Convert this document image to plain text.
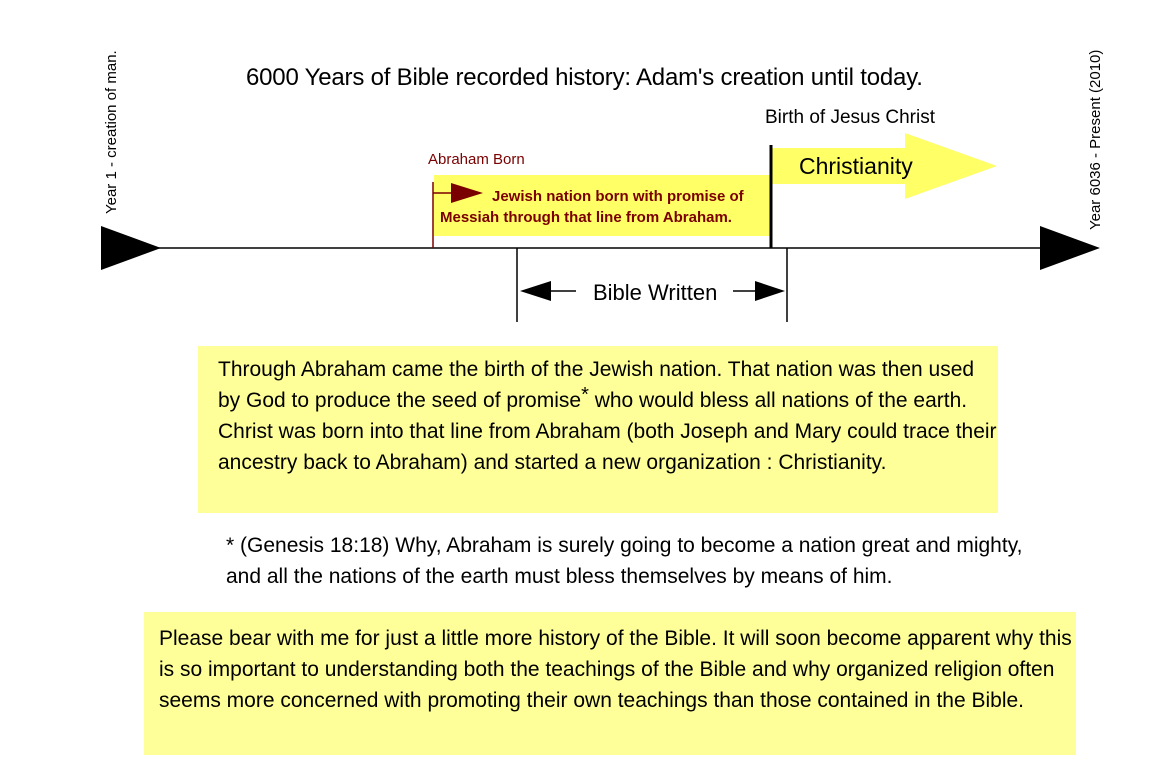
6000 Years of Bible recorded history: Adam's creation until today.
Year 1 - creation of man.	Year 6036 - Present (2010)
Birth of Jesus Christ
Abraham Born
Jewish nation born with promise of
Messiah through that line from Abraham.
Christianity
Bible Written

Through Abraham came the birth of the Jewish nation. That nation was then used by God to produce the seed of promise* who would bless all nations of the earth. Christ was born into that line from Abraham (both Joseph and Mary could trace their ancestry back to Abraham) and started a new organization : Christianity.

* (Genesis 18:18) Why, Abraham is surely going to become a nation great and mighty, and all the nations of the earth must bless themselves by means of him.

Please bear with me for just a little more history of the Bible. It will soon become apparent why this is so important to understanding both the teachings of the Bible and why organized religion often seems more concerned with promoting their own teachings than those contained in the Bible.
